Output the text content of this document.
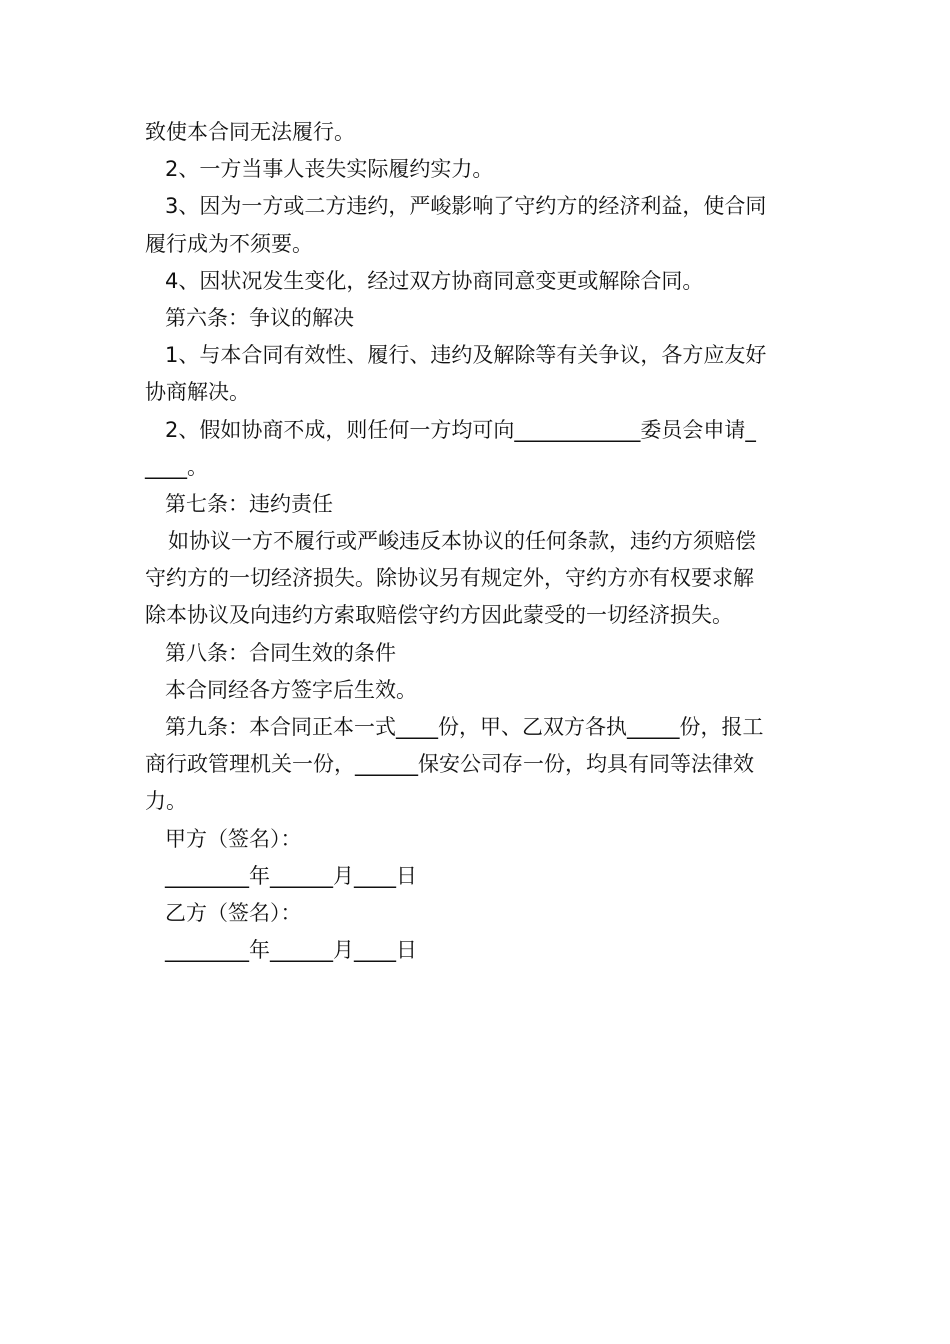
致使本合同无法履行。
2、一方当事人丧失实际履约实力。
3、因为一方或二方违约，严峻影响了守约方的经济利益，使合同
履行成为不须要。
4、因状况发生变化，经过双方协商同意变更或解除合同。
第六条：争议的解决
1、与本合同有效性、履行、违约及解除等有关争议，各方应友好
协商解决。
2、假如协商不成，则任何一方均可向____________委员会申请_
____。
第七条：违约责任
如协议一方不履行或严峻违反本协议的任何条款，违约方须赔偿
守约方的一切经济损失。除协议另有规定外，守约方亦有权要求解
除本协议及向违约方索取赔偿守约方因此蒙受的一切经济损失。
第八条：合同生效的条件
本合同经各方签字后生效。
第九条：本合同正本一式____份，甲、乙双方各执_____份，报工
商行政管理机关一份，______保安公司存一份，均具有同等法律效
力。
甲方（签名）：
________年______月____日
乙方（签名）：
________年______月____日
